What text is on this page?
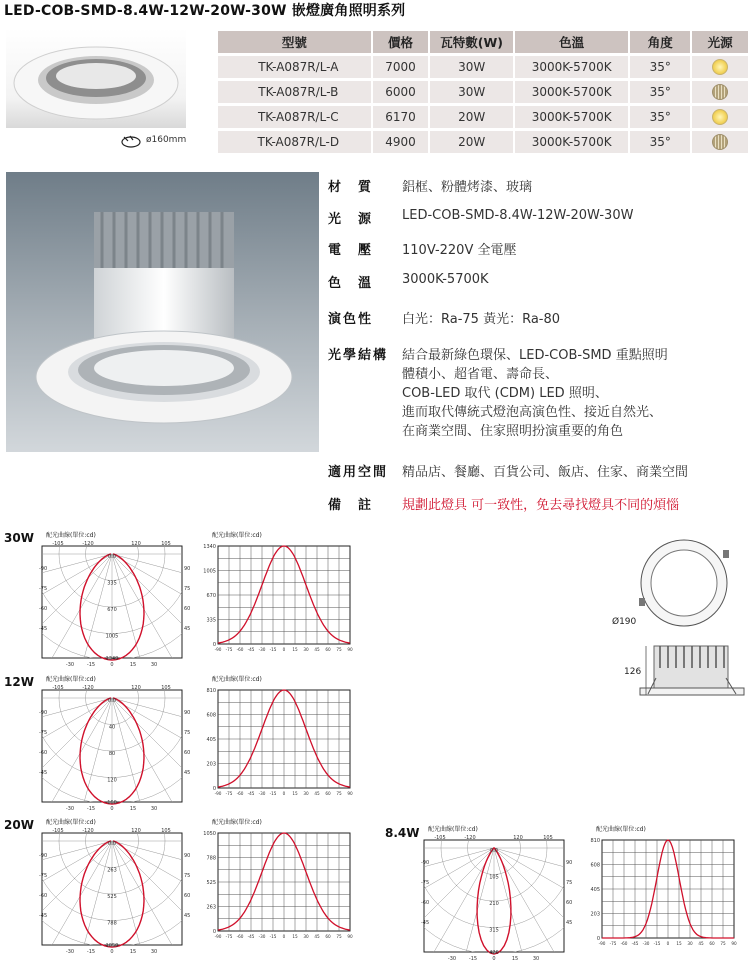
LED-COB-SMD-8.4W-12W-20W-30W 嵌燈廣角照明系列
ø160mm
型號	價格	瓦特數(W)	色溫	角度	光源
TK-A087R/L-A	7000	30W	3000K-5700K	35°	
TK-A087R/L-B	6000	30W	3000K-5700K	35°	
TK-A087R/L-C	6170	20W	3000K-5700K	35°	
TK-A087R/L-D	4900	20W	3000K-5700K	35°	
材　質 鋁框、粉體烤漆、玻璃
光　源 LED-COB-SMD-8.4W-12W-20W-30W
電　壓 110V-220V 全電壓
色　溫 3000K-5700K
演色性 白光：Ra-75 黃光：Ra-80
光學結構 結合最新綠色環保、LED-COB-SMD 重點照明
體積小、超省電、壽命長、
COB-LED 取代 (CDM) LED 照明、
進而取代傳統式燈泡高演色性、接近自然光、
在商業空間、住家照明扮演重要的角色
適用空間 精品店、餐廳、百貨公司、飯店、住家、商業空間
備　註 規劃此燈具 可一致性，免去尋找燈具不同的煩惱
Ø190
126
30W 配光曲線(單位:cd)
0.0
335
670
1005
1340
-105	-120	120	105
-90
-75
-60
-45
90
75
60
45
-30	-15	0	15	30
配光曲線(單位:cd)
0
335
670
1005
1340
-90 -75 -60 -45 -30 -15 0 15 30 45 60 75 90
12W 配光曲線(單位:cd)
0.0
40
80
120
160
-105	-120	120	105
-90
-75
-60
-45
90
75
60
45
-30	-15	0	15	30
配光曲線(單位:cd)
0
203
405
608
810
-90 -75 -60 -45 -30 -15 0 15 30 45 60 75 90
20W 配光曲線(單位:cd)
0.0
263
525
788
1050
-105	-120	120	105
-90
-75
-60
-45
90
75
60
45
-30	-15	0	15	30
配光曲線(單位:cd)
0
263
525
788
1050
-90 -75 -60 -45 -30 -15 0 15 30 45 60 75 90
8.4W 配光曲線(單位:cd)
0.0
105
210
315
420
-105	-120	120	105
-90
-75
-60
-45
90
75
60
45
-30	-15	0	15	30
配光曲線(單位:cd)
0
203
405
608
810
-90 -75 -60 -45 -30 -15 0 15 30 45 60 75 90
